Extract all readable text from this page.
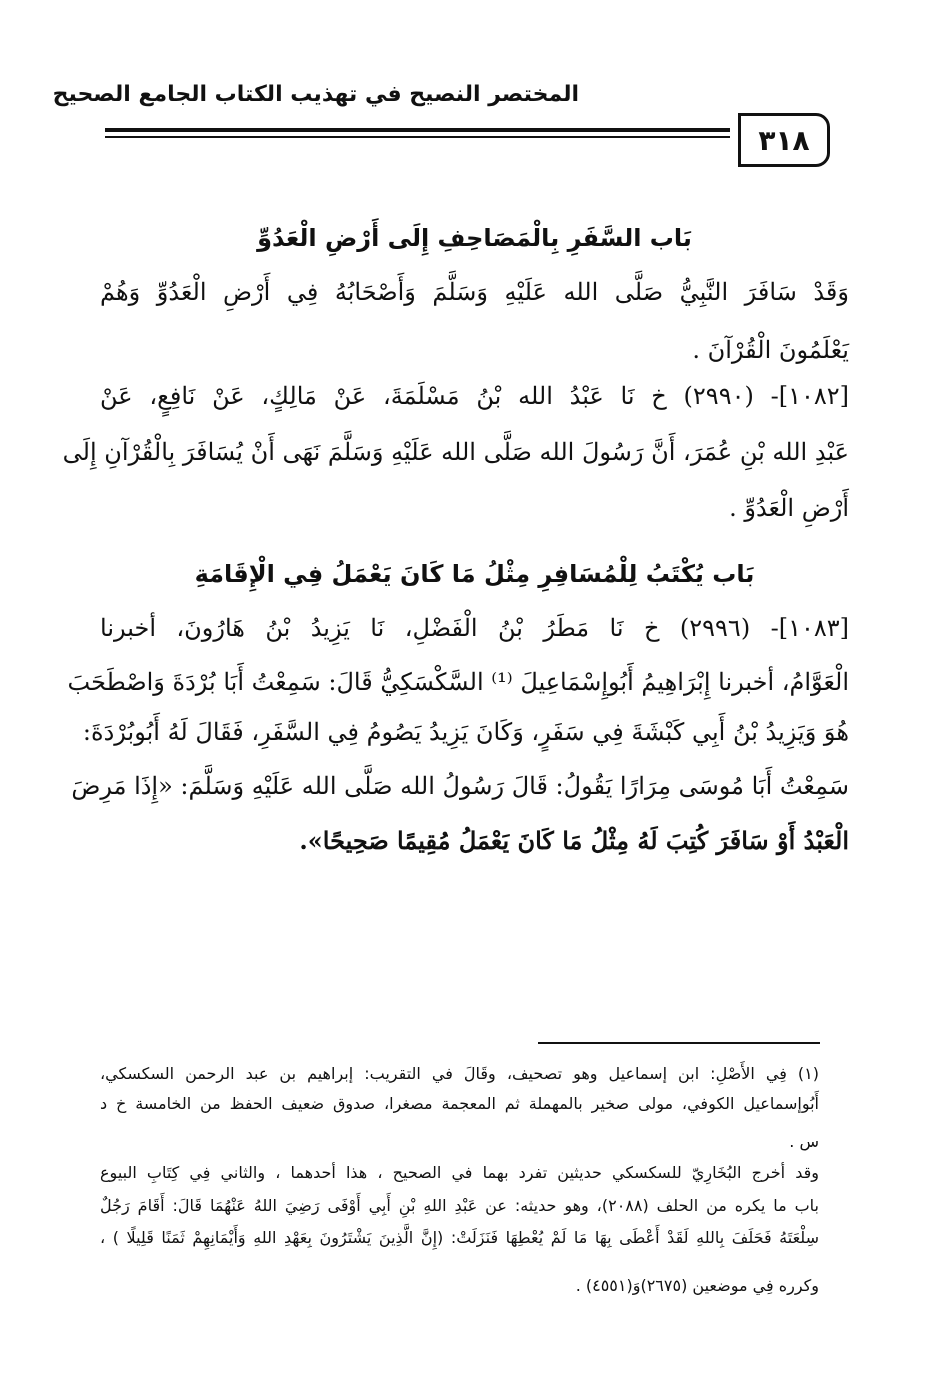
المختصر النصيح في تهذيب الكتاب الجامع الصحيح
٣١٨
بَاب السَّفَرِ بِالْمَصَاحِفِ إِلَى أَرْضِ الْعَدُوِّ
وَقَدْ سَافَرَ النَّبِيُّ صَلَّى الله عَلَيْهِ وَسَلَّمَ وَأَصْحَابُهُ فِي أَرْضِ الْعَدُوِّ وَهُمْ
يَعْلَمُونَ الْقُرْآنَ .
[١٠٨٢]- (٢٩٩٠) خ نَا عَبْدُ الله بْنُ مَسْلَمَةَ، عَنْ مَالِكٍ، عَنْ نَافِعٍ، عَنْ
عَبْدِ الله بْنِ عُمَرَ، أَنَّ رَسُولَ الله صَلَّى الله عَلَيْهِ وَسَلَّمَ نَهَى أَنْ يُسَافَرَ بِالْقُرْآنِ إِلَى
أَرْضِ الْعَدُوِّ .
بَاب يُكْتَبُ لِلْمُسَافِرِ مِثْلُ مَا كَانَ يَعْمَلُ فِي الْإِقَامَةِ
[١٠٨٣]- (٢٩٩٦) خ نَا مَطَرُ بْنُ الْفَضْلِ، نَا يَزِيدُ بْنُ هَارُونَ، أخبرنا
الْعَوَّامُ، أخبرنا إِبْرَاهِيمُ أَبُوإِسْمَاعِيلَ ⁽¹⁾ السَّكْسَكِيُّ قَالَ: سَمِعْتُ أَبَا بُرْدَةَ وَاصْطَحَبَ
هُوَ وَيَزِيدُ بْنُ أَبِي كَبْشَةَ فِي سَفَرٍ، وَكَانَ يَزِيدُ يَصُومُ فِي السَّفَرِ، فَقَالَ لَهُ أَبُوبُرْدَةَ:
سَمِعْتُ أَبَا مُوسَى مِرَارًا يَقُولُ: قَالَ رَسُولُ الله صَلَّى الله عَلَيْهِ وَسَلَّمَ: «إِذَا مَرِضَ
الْعَبْدُ أَوْ سَافَرَ كُتِبَ لَهُ مِثْلُ مَا كَانَ يَعْمَلُ مُقِيمًا صَحِيحًا».
(١) فِي الأَصْلِ: ابن إسماعيل وهو تصحيف، وقَالَ في التقريب: إبراهيم بن عبد الرحمن السكسكي،
أَبُوإسماعيل الكوفي، مولى صخير بالمهملة ثم المعجمة مصغرا، صدوق ضعيف الحفظ من الخامسة خ د
س .
وقد أخرج البُخَارِيّ للسكسكي حديثين تفرد بهما في الصحيح ، هذا أحدهما ، والثاني فِي كِتَابِ البيوع
باب ما يكره من الحلف (٢٠٨٨)، وهو حديثه: عن عَبْدِ اللهِ بْنِ أَبِي أَوْفَى رَضِيَ اللهُ عَنْهُمَا قَالَ: أَقَامَ رَجُلٌ
سِلْعَتَهُ فَحَلَفَ بِاللهِ لَقَدْ أَعْطَى بِهَا مَا لَمْ يُعْطِهَا فَنَزَلَتْ: (إِنَّ الَّذِينَ يَشْتَرُونَ بِعَهْدِ اللهِ وَأَيْمَانِهِمْ ثَمَنًا قَلِيلًا ) ،
وكرره فِي موضعين (٢٦٧٥)وَ(٤٥٥١) .
